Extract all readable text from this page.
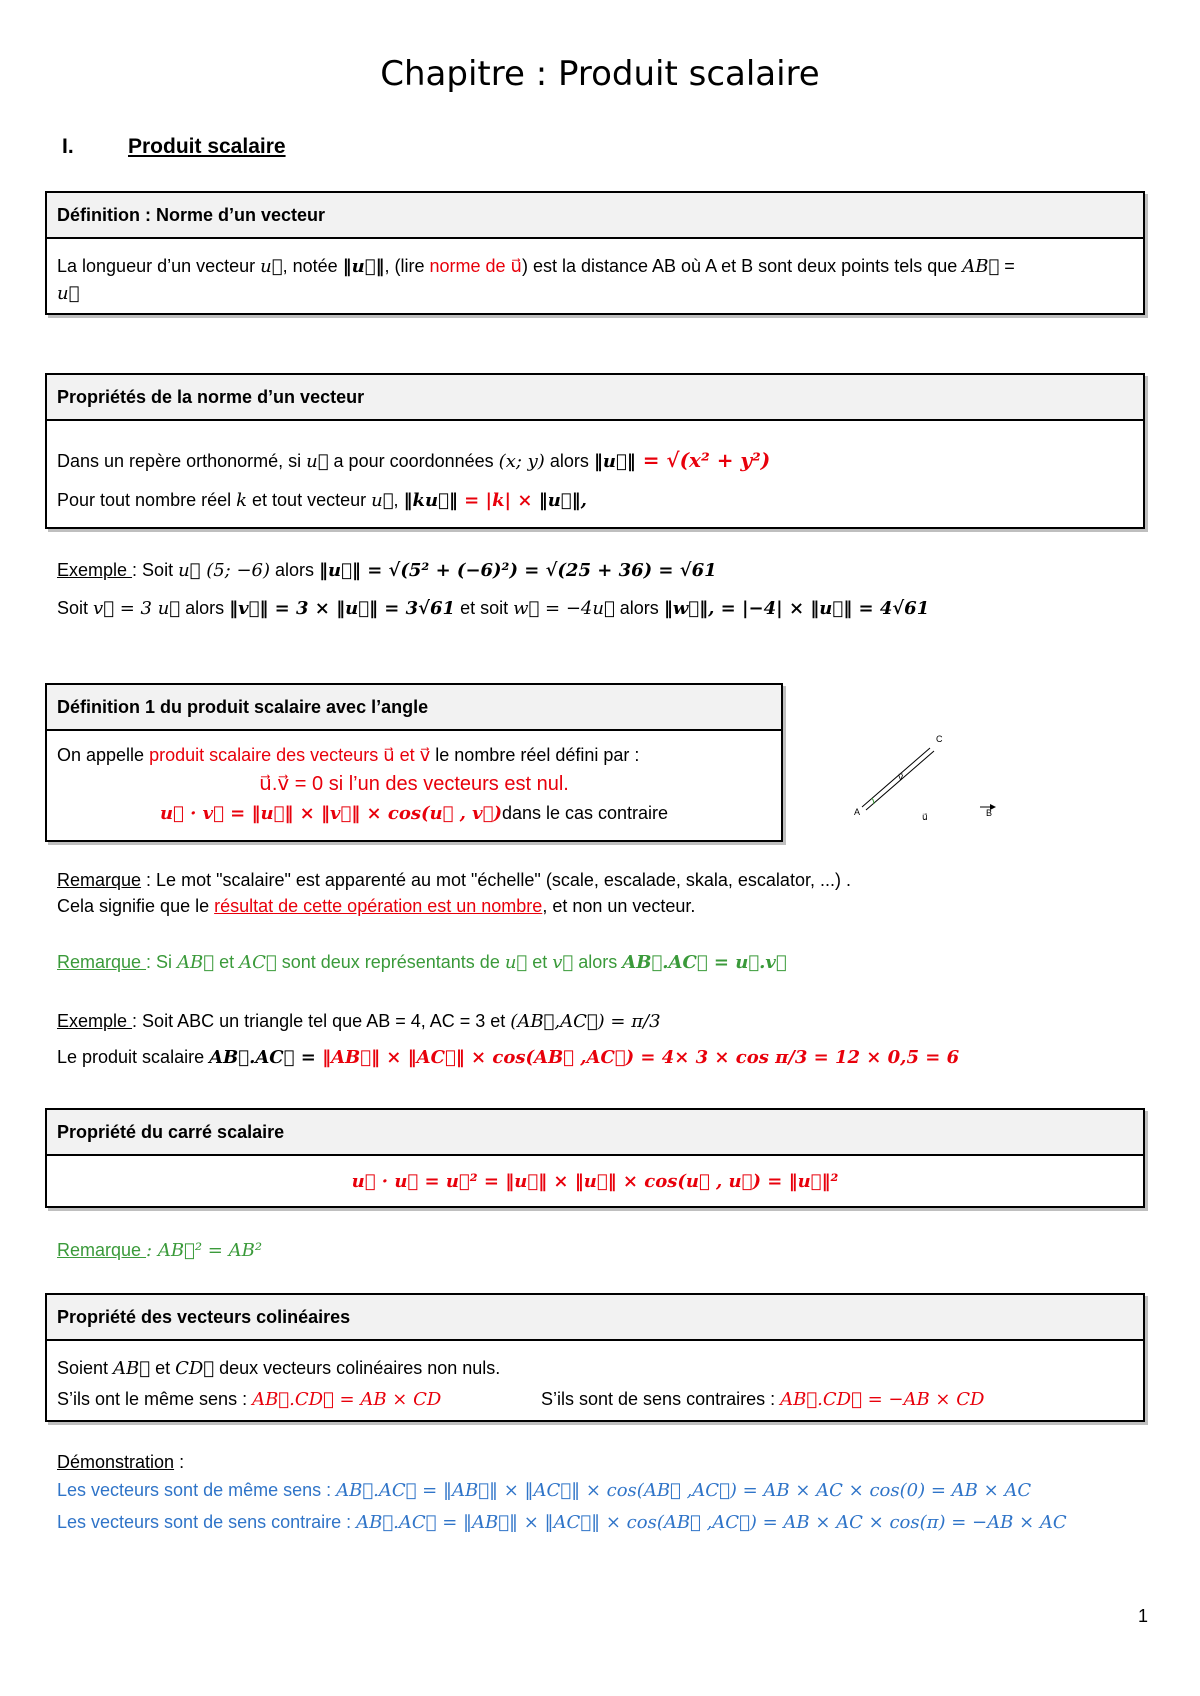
Chapitre : Produit scalaire
I.	Produit scalaire
Définition : Norme d’un vecteur
La longueur d’un vecteur u⃗, notée ‖u⃗‖, (lire norme de u⃗) est la distance AB où A et B sont deux points tels que AB⃗ =
u⃗
Propriétés de la norme d’un vecteur
Dans un repère orthonormé, si u⃗ a pour coordonnées (x; y) alors ‖u⃗‖ = √(x² + y²)
Pour tout nombre réel k et tout vecteur u⃗, ‖ku⃗‖ = |k| × ‖u⃗‖,
Exemple : Soit u⃗ (5; −6) alors ‖u⃗‖ = √(5² + (−6)²) = √(25 + 36) = √61
Soit v⃗ = 3 u⃗ alors ‖v⃗‖ = 3 × ‖u⃗‖ = 3√61 et soit w⃗ = −4u⃗ alors ‖w⃗‖, = |−4| × ‖u⃗‖ = 4√61
Définition 1 du produit scalaire avec l’angle
On appelle produit scalaire des vecteurs u⃗ et v⃗ le nombre réel défini par :

u⃗.v⃗ = 0 si l’un des vecteurs est nul.
u⃗ · v⃗ = ‖u⃗‖ × ‖v⃗‖ × cos(u⃗ , v⃗)dans le cas contraire
C
A	B
v⃗
u⃗
Remarque : Le mot "scalaire" est apparenté au mot "échelle" (scale, escalade, skala, escalator, ...) .
Cela signifie que le résultat de cette opération est un nombre, et non un vecteur.
Remarque : Si AB⃗ et AC⃗ sont deux représentants de u⃗ et v⃗ alors AB⃗.AC⃗ = u⃗.v⃗
Exemple : Soit ABC un triangle tel que AB = 4, AC = 3 et (AB⃗,AC⃗) = π/3
Le produit scalaire AB⃗.AC⃗ = ‖AB⃗‖ × ‖AC⃗‖ × cos(AB⃗ ,AC⃗) = 4× 3 × cos π/3 = 12 × 0,5 = 6
Propriété du carré scalaire
u⃗ · u⃗ = u⃗² = ‖u⃗‖ × ‖u⃗‖ × cos(u⃗ , u⃗) = ‖u⃗‖²
Remarque : AB⃗² = AB²
Propriété des vecteurs colinéaires
Soient AB⃗ et CD⃗ deux vecteurs colinéaires non nuls.
S’ils ont le même sens : AB⃗.CD⃗ = AB × CD	S’ils sont de sens contraires : AB⃗.CD⃗ = −AB × CD
Démonstration :
Les vecteurs sont de même sens : AB⃗.AC⃗ = ‖AB⃗‖ × ‖AC⃗‖ × cos(AB⃗ ,AC⃗) = AB × AC × cos(0) = AB × AC
Les vecteurs sont de sens contraire : AB⃗.AC⃗ = ‖AB⃗‖ × ‖AC⃗‖ × cos(AB⃗ ,AC⃗) = AB × AC × cos(π) = −AB × AC
1
